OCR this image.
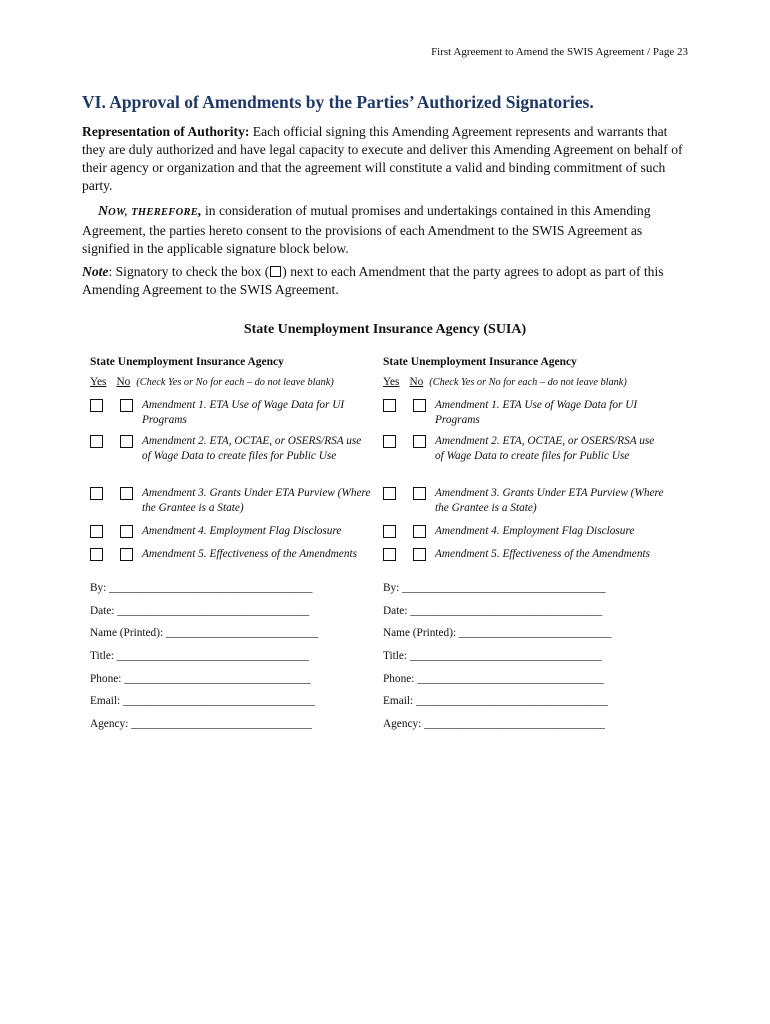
First Agreement to Amend the SWIS Agreement / Page 23
VI. Approval of Amendments by the Parties’ Authorized Signatories.
Representation of Authority: Each official signing this Amending Agreement represents and warrants that they are duly authorized and have legal capacity to execute and deliver this Amending Agreement on behalf of their agency or organization and that the agreement will constitute a valid and binding commitment of such party.
NOW, THEREFORE, in consideration of mutual promises and undertakings contained in this Amending Agreement, the parties hereto consent to the provisions of each Amendment to the SWIS Agreement as signified in the applicable signature block below.
Note: Signatory to check the box ( ) next to each Amendment that the party agrees to adopt as part of this Amending Agreement to the SWIS Agreement.
State Unemployment Insurance Agency (SUIA)
State Unemployment Insurance Agency
Yes No (Check Yes or No for each – do not leave blank)
Amendment 1. ETA Use of Wage Data for UI Programs
Amendment 2. ETA, OCTAE, or OSERS/RSA use of Wage Data to create files for Public Use
Amendment 3. Grants Under ETA Purview (Where the Grantee is a State)
Amendment 4. Employment Flag Disclosure
Amendment 5. Effectiveness of the Amendments
By: ____________________________________
Date: __________________________________
Name (Printed): ___________________________
Title: __________________________________
Phone: _________________________________
Email: __________________________________
Agency: ________________________________
State Unemployment Insurance Agency
Yes No (Check Yes or No for each – do not leave blank)
Amendment 1. ETA Use of Wage Data for UI Programs
Amendment 2. ETA, OCTAE, or OSERS/RSA use of Wage Data to create files for Public Use
Amendment 3. Grants Under ETA Purview (Where the Grantee is a State)
Amendment 4. Employment Flag Disclosure
Amendment 5. Effectiveness of the Amendments
By: ____________________________________
Date: __________________________________
Name (Printed): ___________________________
Title: __________________________________
Phone: _________________________________
Email: __________________________________
Agency: ________________________________
